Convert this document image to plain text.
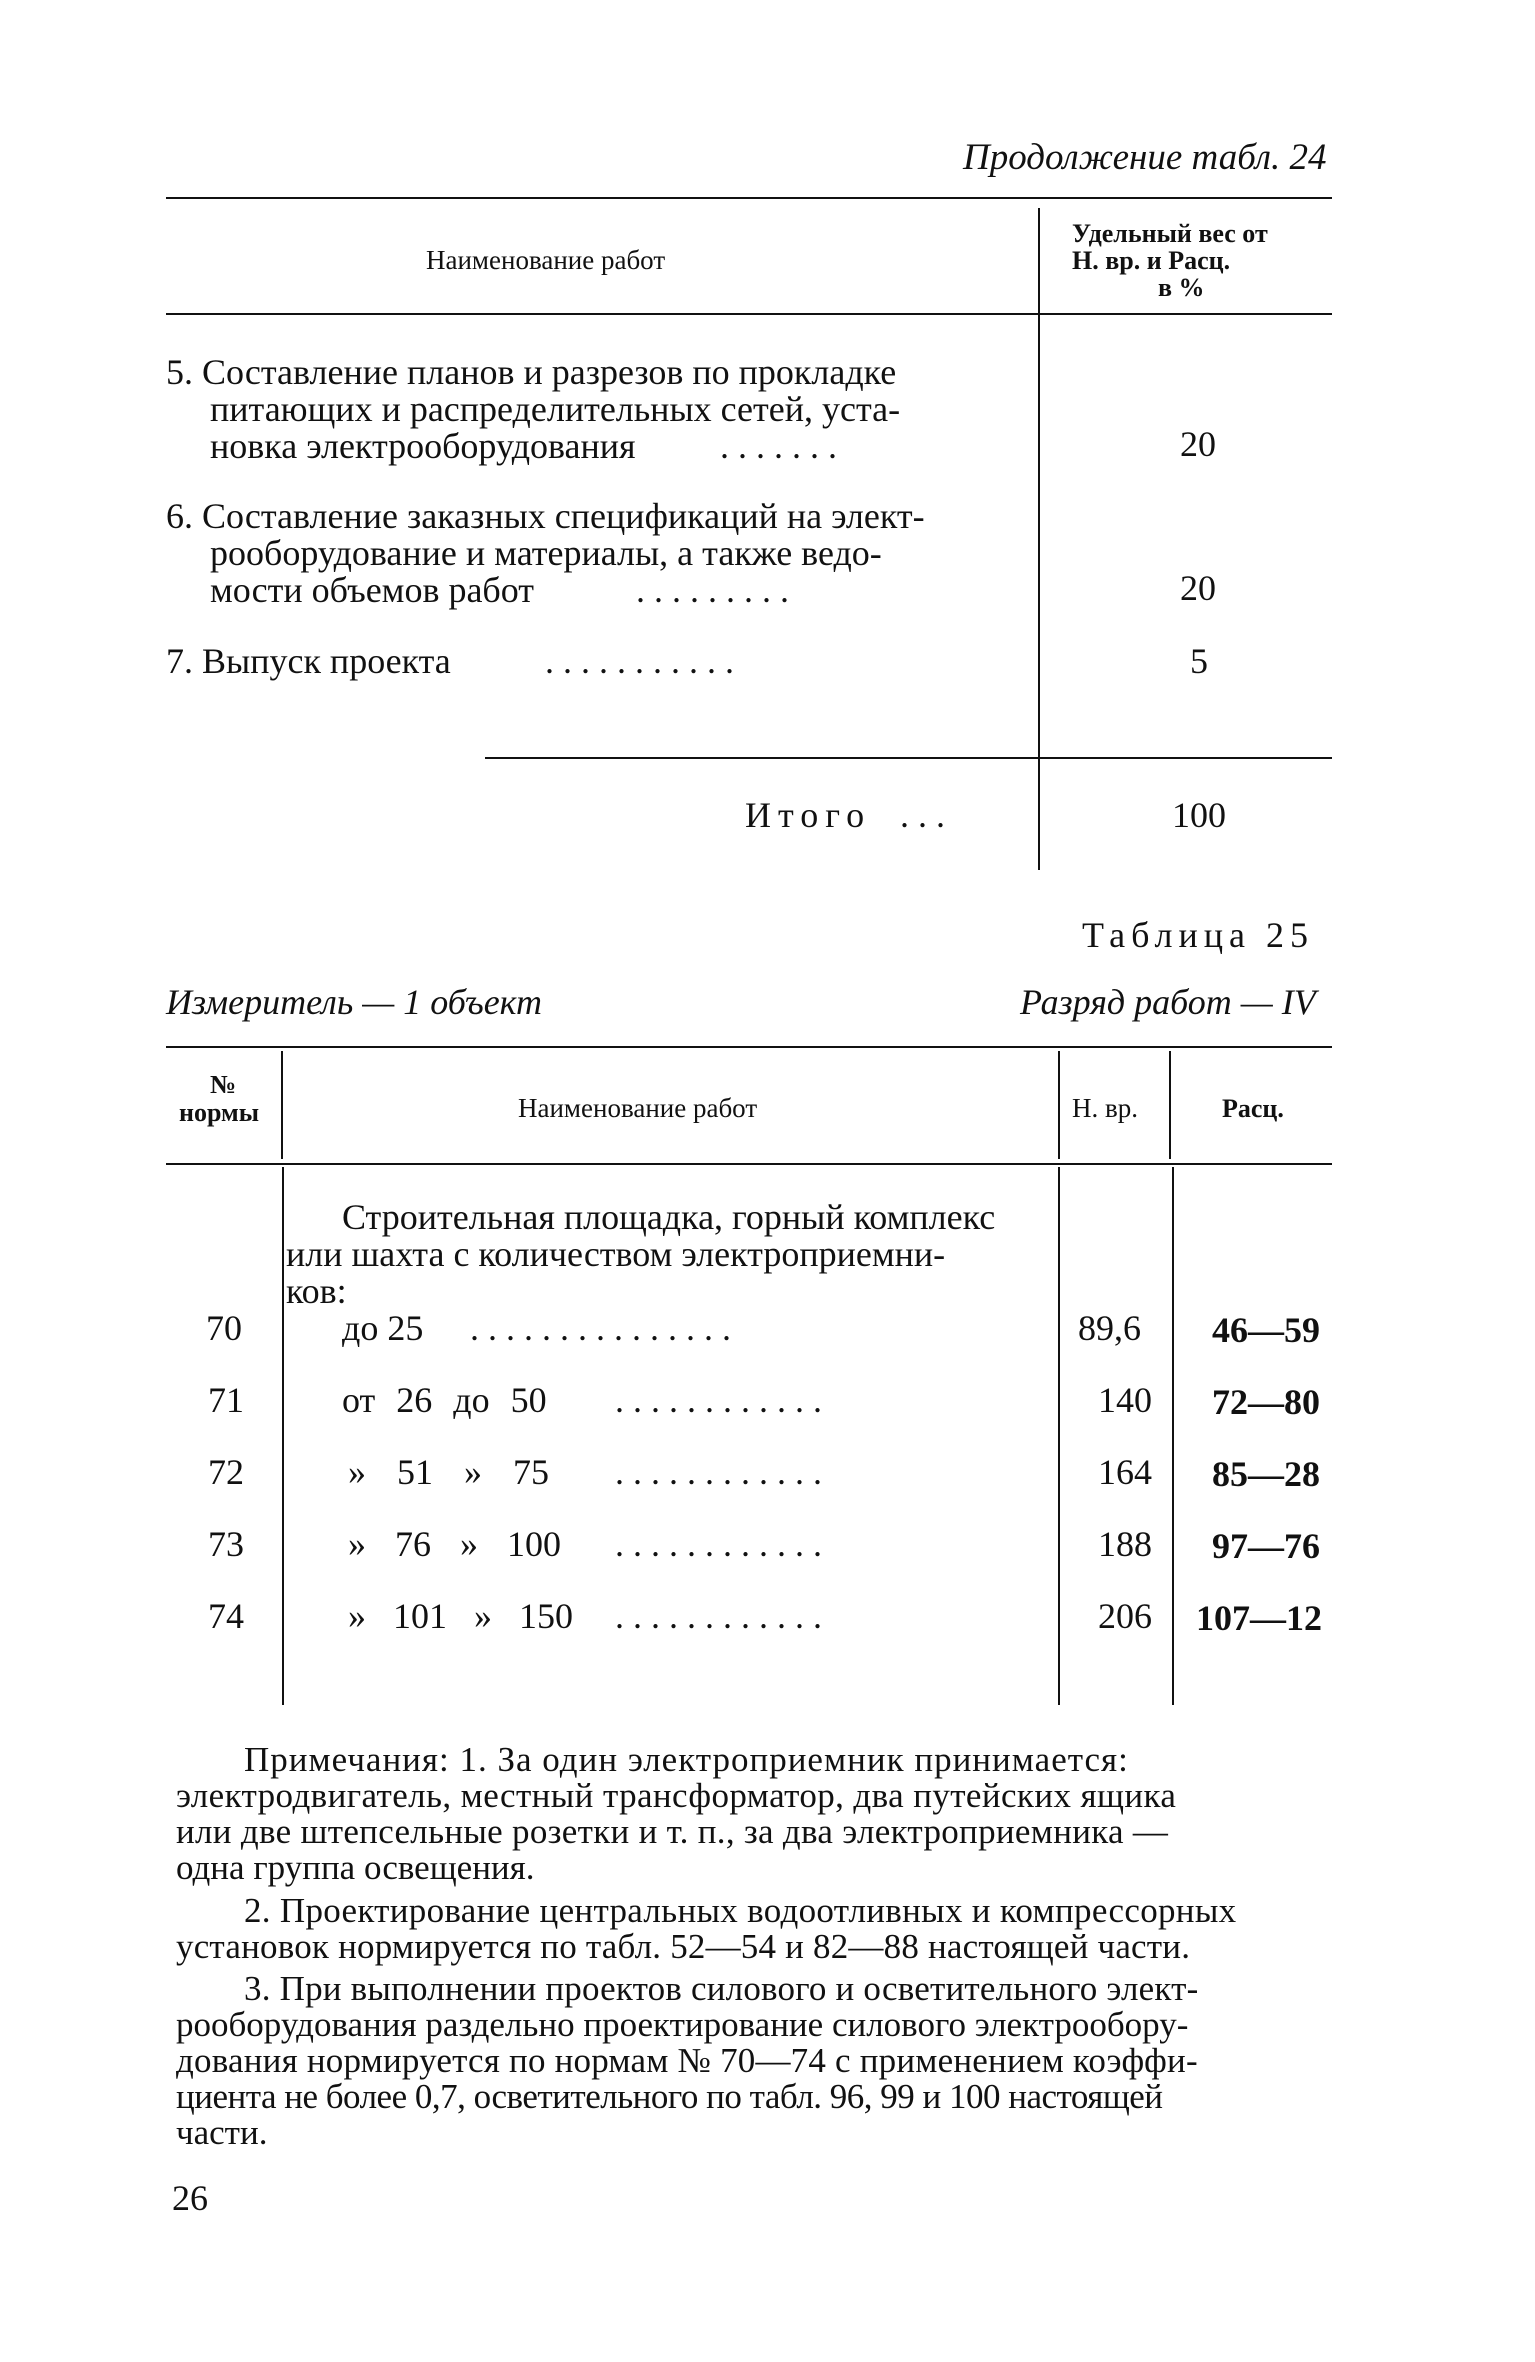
Продолжение табл. 24
Наименование работ
Удельный вес от
Н. вр. и Расц.
в %
5. Составление планов и разрезов по прокладке
питающих и распределительных сетей, уста-
новка электрооборудования . . . . . . .	20
6. Составление заказных спецификаций на элект-
рооборудование и материалы, а также ведо-
мости объемов работ	. . . . . . . . .	20
7. Выпуск проекта	. . . . . . . . . . .	5
Итого . . .	100
Таблица 25
Измеритель — 1 объект	Разряд работ — IV
№
нормы	Наименование работ	Н. вр.	Расц.
Строительная площадка, горный комплекс
или шахта с количеством электроприемни-
ков:
70	до 25 . . . . . . . . . . . . . . .	89,6 46—59
71	от 26 до 50 . . . . . . . . . . . .	140 72—80
72	» 51 » 75 . . . . . . . . . . . .	164 85—28
73	» 76 » 100 . . . . . . . . . . . .	188 97—76
74	» 101 » 150 . . . . . . . . . . . .	206 107—12
Примечания: 1. За один электроприемник принимается:
электродвигатель, местный трансформатор, два путейских ящика
или две штепсельные розетки и т. п., за два электроприемника —
одна группа освещения.
2. Проектирование центральных водоотливных и компрессорных
установок нормируется по табл. 52—54 и 82—88 настоящей части.
3. При выполнении проектов силового и осветительного элект-
рооборудования раздельно проектирование силового электрообору-
дования нормируется по нормам № 70—74 с применением коэффи-
циента не более 0,7, осветительного по табл. 96, 99 и 100 настоящей
части.
26
